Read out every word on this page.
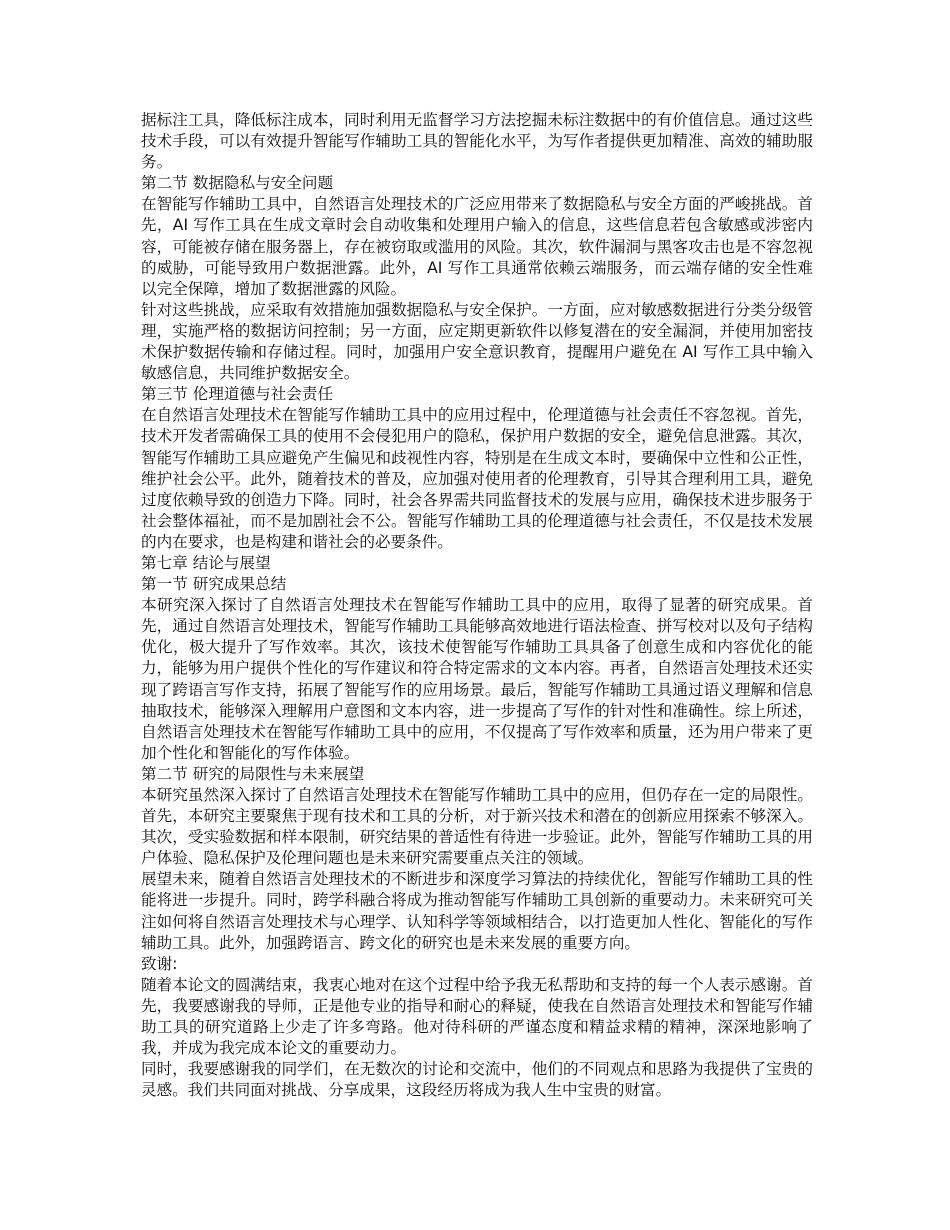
据标注工具，降低标注成本，同时利用无监督学习方法挖掘未标注数据中的有价值信息。通过这些技术手段，可以有效提升智能写作辅助工具的智能化水平，为写作者提供更加精准、高效的辅助服务。

第二节 数据隐私与安全问题

在智能写作辅助工具中，自然语言处理技术的广泛应用带来了数据隐私与安全方面的严峻挑战。首先，AI 写作工具在生成文章时会自动收集和处理用户输入的信息，这些信息若包含敏感或涉密内容，可能被存储在服务器上，存在被窃取或滥用的风险。其次，软件漏洞与黑客攻击也是不容忽视的威胁，可能导致用户数据泄露。此外，AI 写作工具通常依赖云端服务，而云端存储的安全性难以完全保障，增加了数据泄露的风险。

针对这些挑战，应采取有效措施加强数据隐私与安全保护。一方面，应对敏感数据进行分类分级管理，实施严格的数据访问控制；另一方面，应定期更新软件以修复潜在的安全漏洞，并使用加密技术保护数据传输和存储过程。同时，加强用户安全意识教育，提醒用户避免在 AI 写作工具中输入敏感信息，共同维护数据安全。

第三节 伦理道德与社会责任

在自然语言处理技术在智能写作辅助工具中的应用过程中，伦理道德与社会责任不容忽视。首先，技术开发者需确保工具的使用不会侵犯用户的隐私，保护用户数据的安全，避免信息泄露。其次，智能写作辅助工具应避免产生偏见和歧视性内容，特别是在生成文本时，要确保中立性和公正性，维护社会公平。此外，随着技术的普及，应加强对使用者的伦理教育，引导其合理利用工具，避免过度依赖导致的创造力下降。同时，社会各界需共同监督技术的发展与应用，确保技术进步服务于社会整体福祉，而不是加剧社会不公。智能写作辅助工具的伦理道德与社会责任，不仅是技术发展的内在要求，也是构建和谐社会的必要条件。

第七章 结论与展望

第一节 研究成果总结

本研究深入探讨了自然语言处理技术在智能写作辅助工具中的应用，取得了显著的研究成果。首先，通过自然语言处理技术，智能写作辅助工具能够高效地进行语法检查、拼写校对以及句子结构优化，极大提升了写作效率。其次，该技术使智能写作辅助工具具备了创意生成和内容优化的能力，能够为用户提供个性化的写作建议和符合特定需求的文本内容。再者，自然语言处理技术还实现了跨语言写作支持，拓展了智能写作的应用场景。最后，智能写作辅助工具通过语义理解和信息抽取技术，能够深入理解用户意图和文本内容，进一步提高了写作的针对性和准确性。综上所述，自然语言处理技术在智能写作辅助工具中的应用，不仅提高了写作效率和质量，还为用户带来了更加个性化和智能化的写作体验。

第二节 研究的局限性与未来展望

本研究虽然深入探讨了自然语言处理技术在智能写作辅助工具中的应用，但仍存在一定的局限性。首先，本研究主要聚焦于现有技术和工具的分析，对于新兴技术和潜在的创新应用探索不够深入。其次，受实验数据和样本限制，研究结果的普适性有待进一步验证。此外，智能写作辅助工具的用户体验、隐私保护及伦理问题也是未来研究需要重点关注的领域。

展望未来，随着自然语言处理技术的不断进步和深度学习算法的持续优化，智能写作辅助工具的性能将进一步提升。同时，跨学科融合将成为推动智能写作辅助工具创新的重要动力。未来研究可关注如何将自然语言处理技术与心理学、认知科学等领域相结合，以打造更加人性化、智能化的写作辅助工具。此外，加强跨语言、跨文化的研究也是未来发展的重要方向。

致谢:

随着本论文的圆满结束，我衷心地对在这个过程中给予我无私帮助和支持的每一个人表示感谢。首先，我要感谢我的导师，正是他专业的指导和耐心的释疑，使我在自然语言处理技术和智能写作辅助工具的研究道路上少走了许多弯路。他对待科研的严谨态度和精益求精的精神，深深地影响了我，并成为我完成本论文的重要动力。

同时，我要感谢我的同学们，在无数次的讨论和交流中，他们的不同观点和思路为我提供了宝贵的灵感。我们共同面对挑战、分享成果，这段经历将成为我人生中宝贵的财富。
